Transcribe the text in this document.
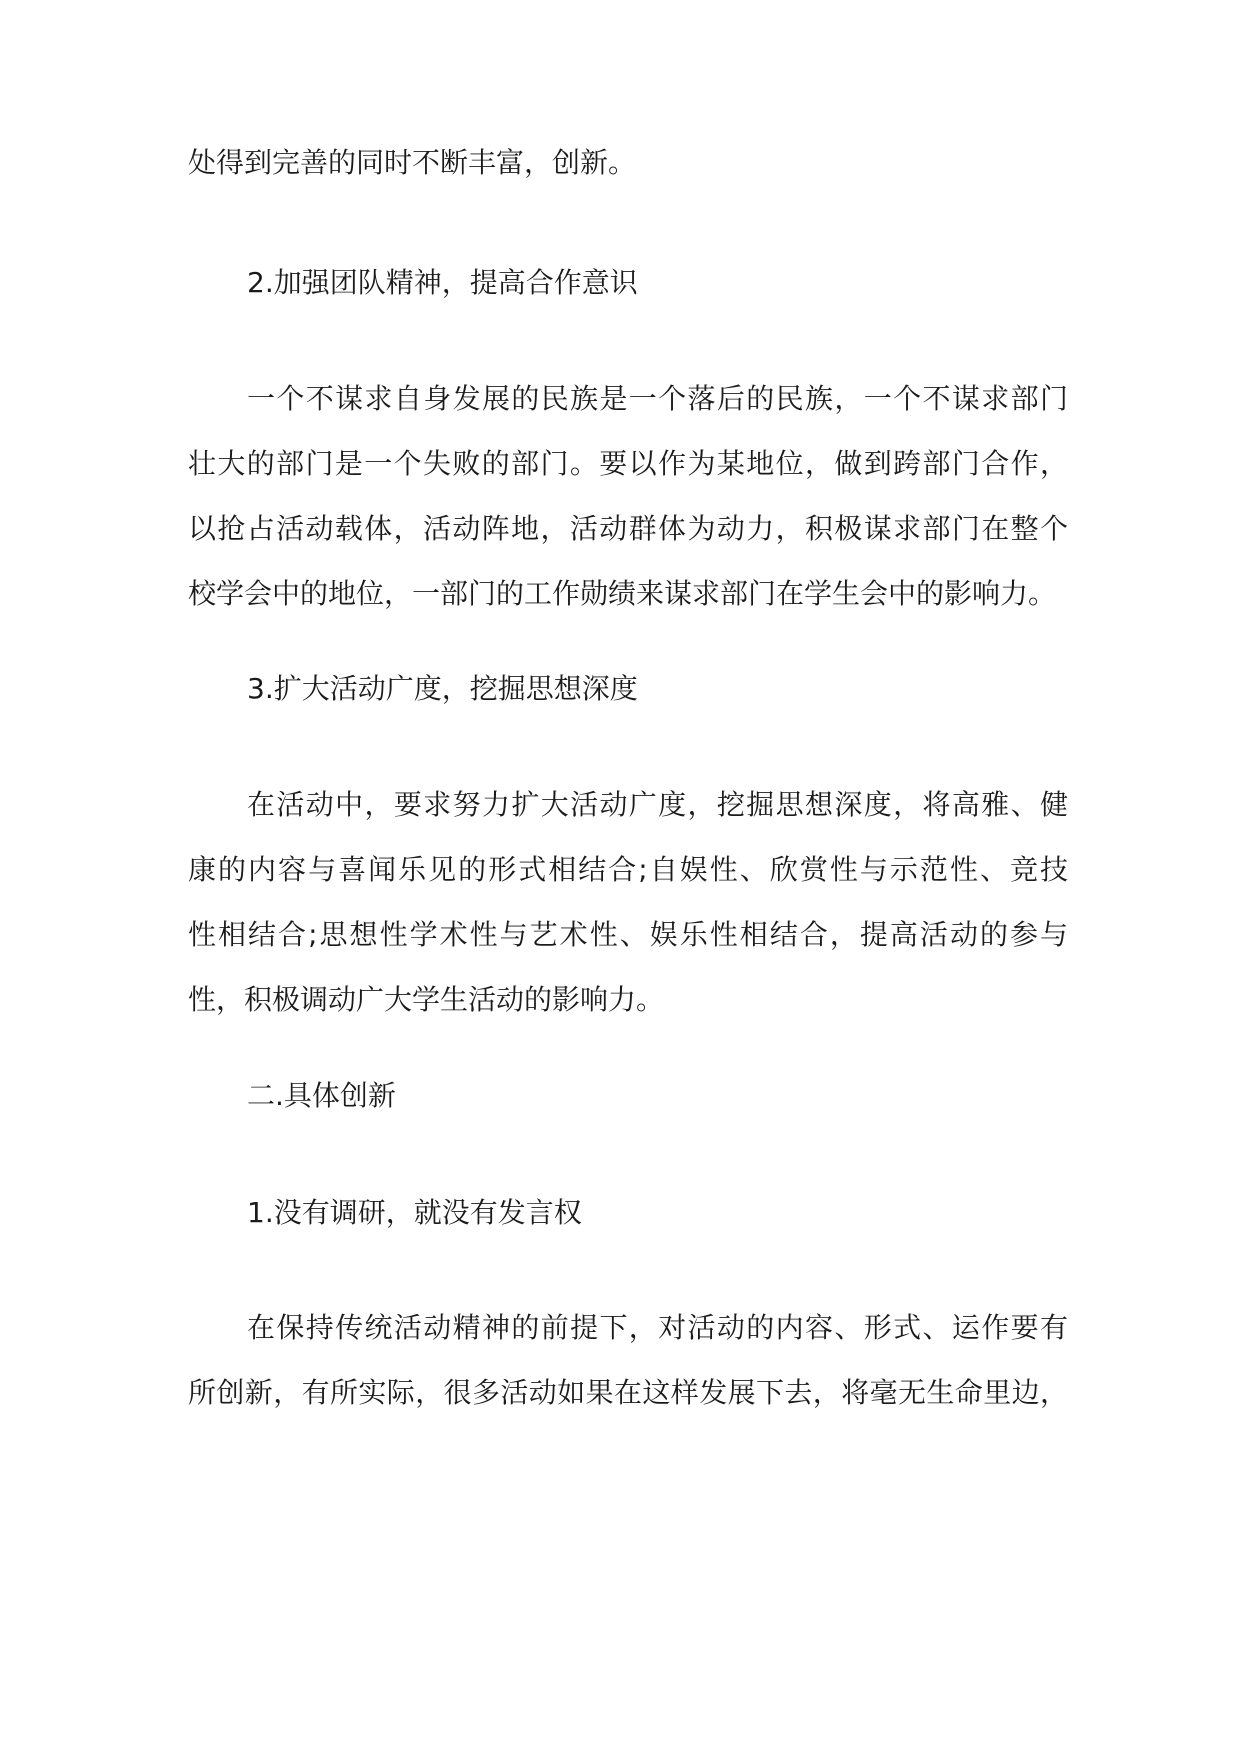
处得到完善的同时不断丰富，创新。
2.加强团队精神，提高合作意识
一个不谋求自身发展的民族是一个落后的民族，一个不谋求部门
壮大的部门是一个失败的部门。要以作为某地位，做到跨部门合作，
以抢占活动载体，活动阵地，活动群体为动力，积极谋求部门在整个
校学会中的地位，一部门的工作勋绩来谋求部门在学生会中的影响力。
3.扩大活动广度，挖掘思想深度
在活动中，要求努力扩大活动广度，挖掘思想深度，将高雅、健
康的内容与喜闻乐见的形式相结合;自娱性、欣赏性与示范性、竞技
性相结合;思想性学术性与艺术性、娱乐性相结合，提高活动的参与
性，积极调动广大学生活动的影响力。
二.具体创新
1.没有调研，就没有发言权
在保持传统活动精神的前提下，对活动的内容、形式、运作要有
所创新，有所实际，很多活动如果在这样发展下去，将毫无生命里边，
